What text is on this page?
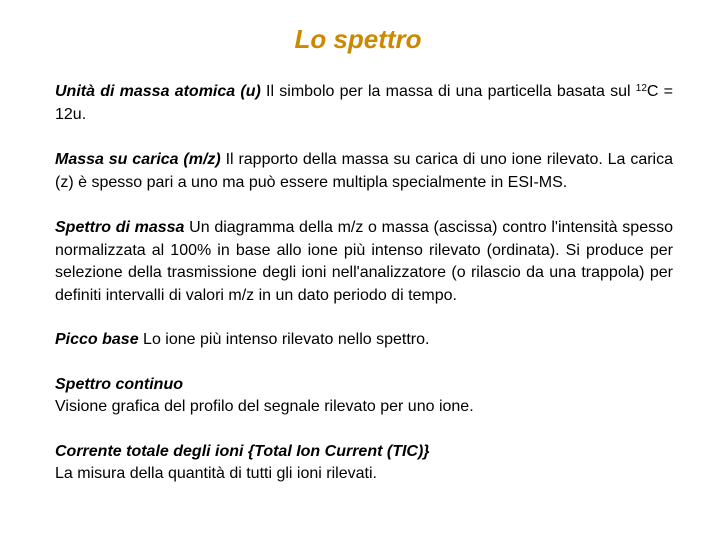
Lo spettro

Unità di massa atomica (u) Il simbolo per la massa di una particella basata sul $^{12}$C = 12u.

Massa su carica (m/z) Il rapporto della massa su carica di uno ione rilevato. La carica (z) è spesso pari a uno ma può essere multipla specialmente in ESI-MS.

Spettro di massa Un diagramma della m/z o massa (ascissa) contro l'intensità spesso normalizzata al 100% in base allo ione più intenso rilevato (ordinata). Si produce per selezione della trasmissione degli ioni nell'analizzatore (o rilascio da una trappola) per definiti intervalli di valori m/z in un dato periodo di tempo.

Picco base Lo ione più intenso rilevato nello spettro.

Spettro continuo
Visione grafica del profilo del segnale rilevato per uno ione.

Corrente totale degli ioni {Total Ion Current (TIC)}
La misura della quantità di tutti gli ioni rilevati.
